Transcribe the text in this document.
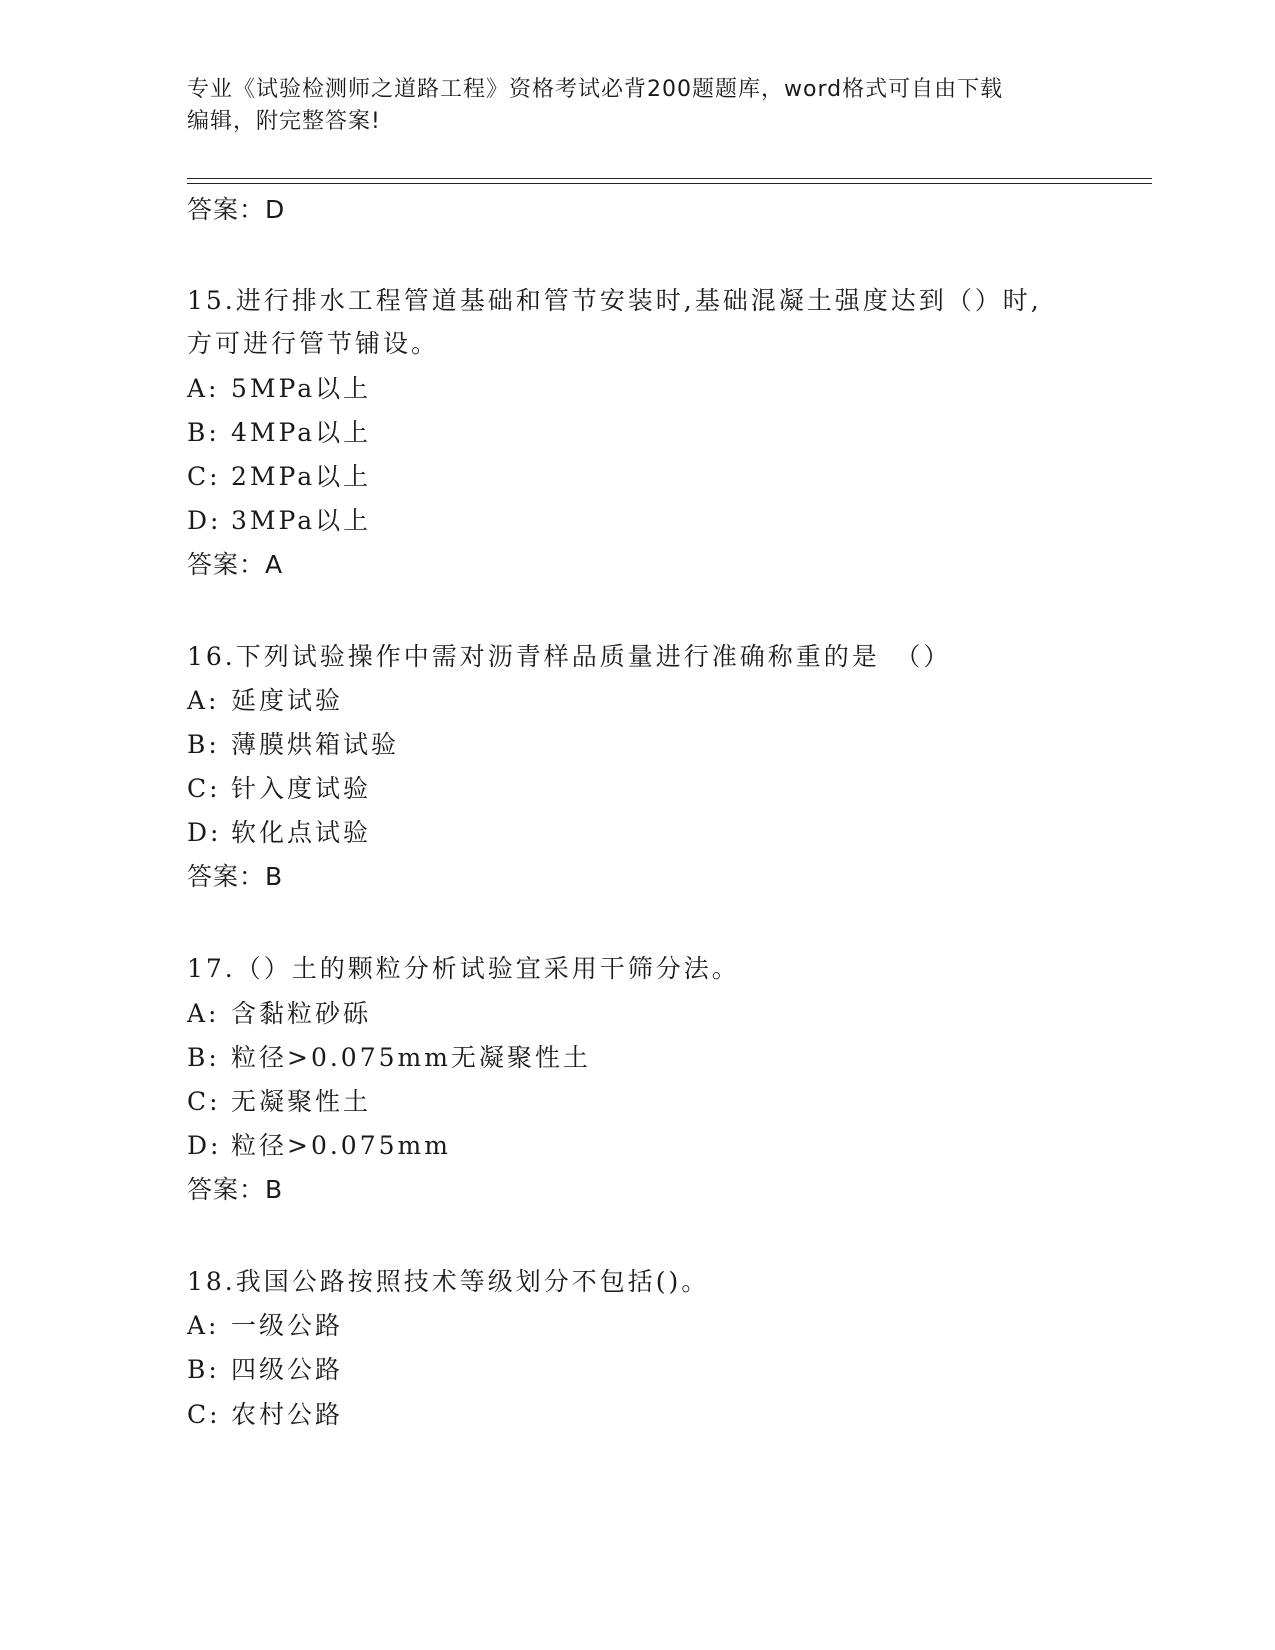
专业《试验检测师之道路工程》资格考试必背200题题库，word格式可自由下载
编辑，附完整答案!
答案：D
15.进行排水工程管道基础和管节安装时,基础混凝土强度达到（）时,
方可进行管节铺设。
A: 5MPa以上
B: 4MPa以上
C: 2MPa以上
D: 3MPa以上
答案：A
16.下列试验操作中需对沥青样品质量进行准确称重的是　（）
A: 延度试验
B: 薄膜烘箱试验
C: 针入度试验
D: 软化点试验
答案：B
17.（）土的颗粒分析试验宜采用干筛分法。
A: 含黏粒砂砾
B: 粒径>0.075mm无凝聚性土
C: 无凝聚性土
D: 粒径>0.075mm
答案：B
18.我国公路按照技术等级划分不包括()。
A: 一级公路
B: 四级公路
C: 农村公路
